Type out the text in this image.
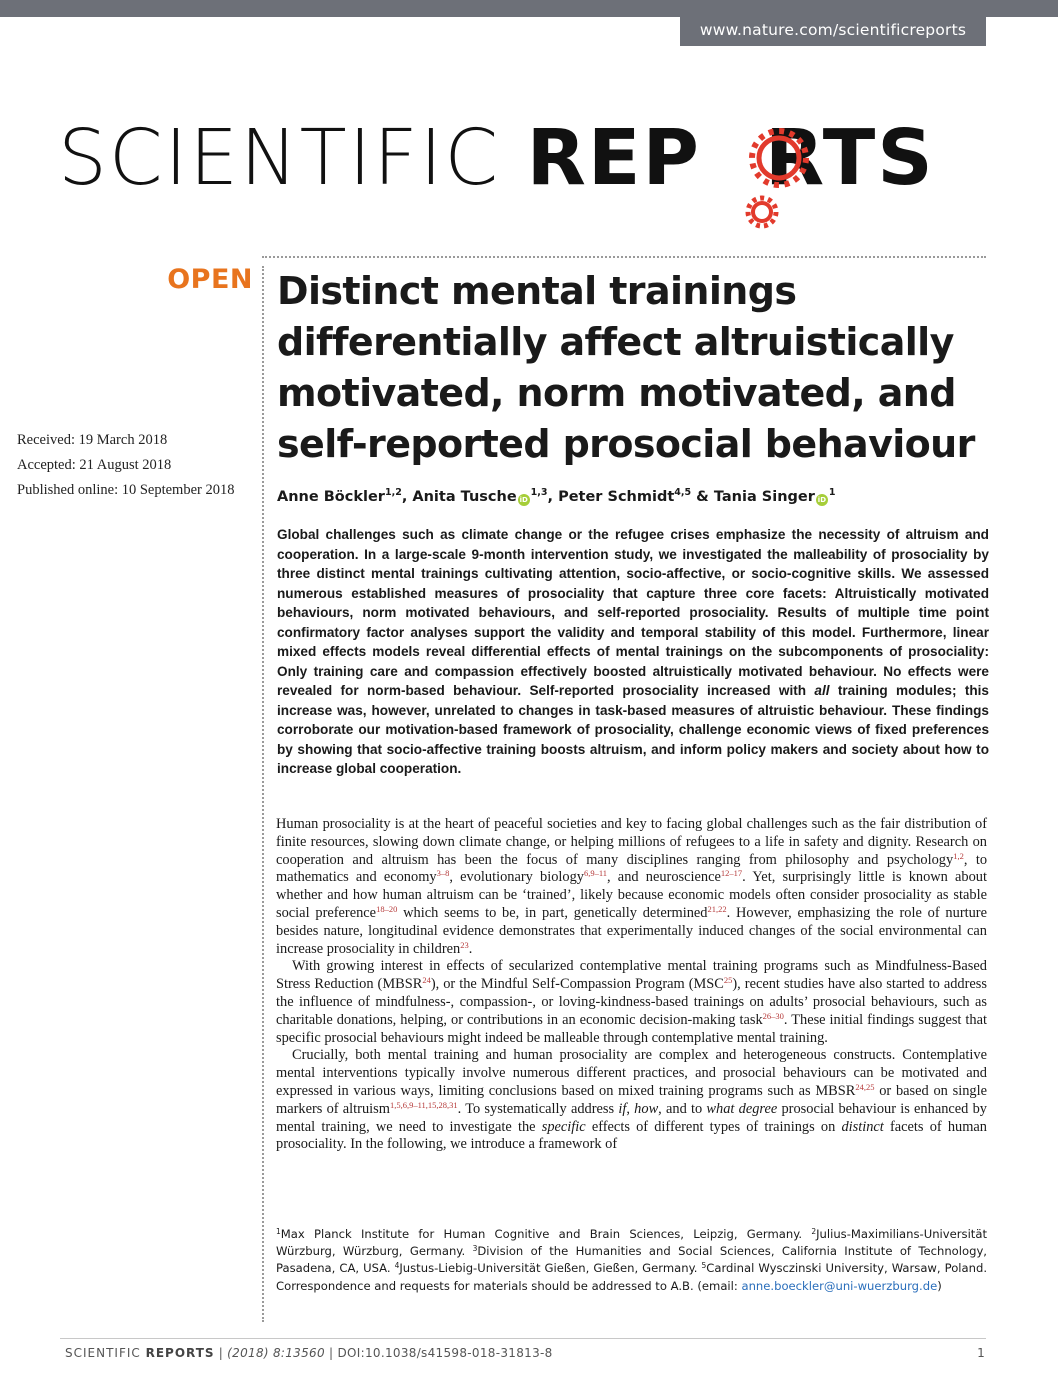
www.nature.com/scientificreports
SCIENTIFIC REP RTS
OPEN
Received: 19 March 2018
Accepted: 21 August 2018
Published online: 10 September 2018
Distinct mental trainings differentially affect altruistically motivated, norm motivated, and self-reported prosocial behaviour
Anne Böckler$^{1,2}$, Anita Tusche iD$^{1,3}$, Peter Schmidt$^{4,5}$ & Tania Singer $iD^1$
Global challenges such as climate change or the refugee crises emphasize the necessity of altruism and cooperation. In a large-scale 9-month intervention study, we investigated the malleability of prosociality by three distinct mental trainings cultivating attention, socio-affective, or socio-cognitive skills. We assessed numerous established measures of prosociality that capture three core facets: Altruistically motivated behaviours, norm motivated behaviours, and self-reported prosociality. Results of multiple time point confirmatory factor analyses support the validity and temporal stability of this model. Furthermore, linear mixed effects models reveal differential effects of mental trainings on the subcomponents of prosociality: Only training care and compassion effectively boosted altruistically motivated behaviour. No effects were revealed for norm-based behaviour. Self-reported prosociality increased with all training modules; this increase was, however, unrelated to changes in task-based measures of altruistic behaviour. These findings corroborate our motivation-based framework of prosociality, challenge economic views of fixed preferences by showing that socio-affective training boosts altruism, and inform policy makers and society about how to increase global cooperation.

Human prosociality is at the heart of peaceful societies and key to facing global challenges such as the fair distribution of finite resources, slowing down climate change, or helping millions of refugees to a life in safety and dignity. Research on cooperation and altruism has been the focus of many disciplines ranging from philosophy and psychology$^{1,2}$, to mathematics and economy$^{3-8}$, evolutionary biology$^{6,9-11}$, and neuroscience$^{12-17}$. Yet, surprisingly little is known about whether and how human altruism can be ‘trained’, likely because economic models often consider prosociality as stable social preference$^{18-20}$ which seems to be, in part, genetically determined$^{21,22}$. However, emphasizing the role of nurture besides nature, longitudinal evidence demonstrates that experimentally induced changes of the social environmental can increase prosociality in children$^{23}$.

With growing interest in effects of secularized contemplative mental training programs such as Mindfulness-Based Stress Reduction (MBSR$^{24}$), or the Mindful Self-Compassion Program (MSC$^{25}$), recent studies have also started to address the influence of mindfulness-, compassion-, or loving-kindness-based trainings on adults’ prosocial behaviours, such as charitable donations, helping, or contributions in an economic decision-making task$^{26-30}$. These initial findings suggest that specific prosocial behaviours might indeed be malleable through contemplative mental training.

Crucially, both mental training and human prosociality are complex and heterogeneous constructs. Contemplative mental interventions typically involve numerous different practices, and prosocial behaviours can be motivated and expressed in various ways, limiting conclusions based on mixed training programs such as MBSR$^{24,25}$ or based on single markers of altruism$^{1,5,6,9-11,15,28,31}$. To systematically address if, how, and to what degree prosocial behaviour is enhanced by mental training, we need to investigate the specific effects of different types of trainings on distinct facets of human prosociality. In the following, we introduce a framework of

$^1$Max Planck Institute for Human Cognitive and Brain Sciences, Leipzig, Germany. $^2$Julius-Maximilians-Universität Würzburg, Würzburg, Germany. $^3$Division of the Humanities and Social Sciences, California Institute of Technology, Pasadena, CA, USA. $^4$Justus-Liebig-Universität Gießen, Gießen, Germany. $^5$Cardinal Wysczinski University, Warsaw, Poland. Correspondence and requests for materials should be addressed to A.B. (email: anne.boeckler@uni-wuerzburg.de)
SCIENTIFIC REPORTS | (2018) 8:13560 | DOI:10.1038/s41598-018-31813-8	1
